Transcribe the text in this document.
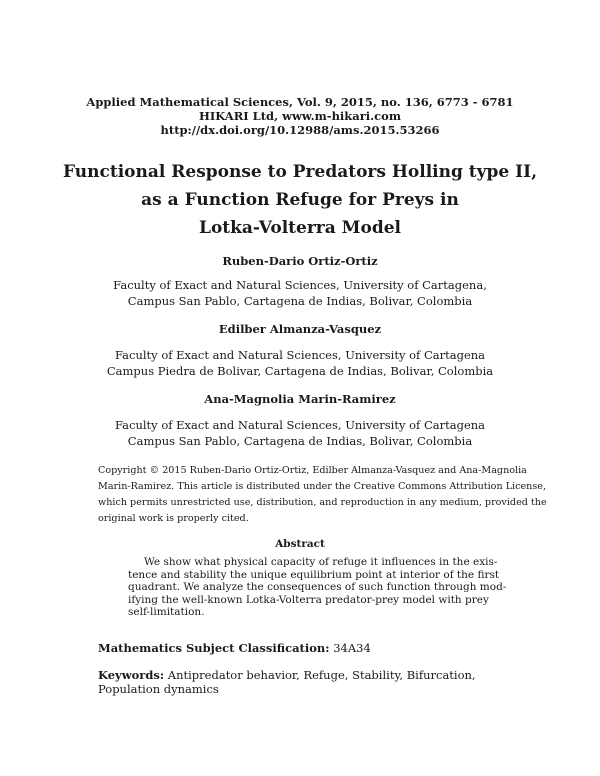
Applied Mathematical Sciences, Vol. 9, 2015, no. 136, 6773 - 6781
HIKARI Ltd, www.m-hikari.com
http://dx.doi.org/10.12988/ams.2015.53266
Functional Response to Predators Holling type II,
as a Function Refuge for Preys in
Lotka-Volterra Model
Ruben-Dario Ortiz-Ortiz
Faculty of Exact and Natural Sciences, University of Cartagena,
Campus San Pablo, Cartagena de Indias, Bolivar, Colombia
Edilber Almanza-Vasquez
Faculty of Exact and Natural Sciences, University of Cartagena
Campus Piedra de Bolivar, Cartagena de Indias, Bolivar, Colombia
Ana-Magnolia Marin-Ramirez
Faculty of Exact and Natural Sciences, University of Cartagena
Campus San Pablo, Cartagena de Indias, Bolivar, Colombia
Copyright © 2015 Ruben-Dario Ortiz-Ortiz, Edilber Almanza-Vasquez and Ana-Magnolia
Marin-Ramirez. This article is distributed under the Creative Commons Attribution License,
which permits unrestricted use, distribution, and reproduction in any medium, provided the
original work is properly cited.
Abstract
We show what physical capacity of refuge it influences in the exis-
tence and stability the unique equilibrium point at interior of the first
quadrant. We analyze the consequences of such function through mod-
ifying the well-known Lotka-Volterra predator-prey model with prey
self-limitation.
Mathematics Subject Classification: 34A34
Keywords: Antipredator behavior, Refuge, Stability, Bifurcation, Population dynamics
